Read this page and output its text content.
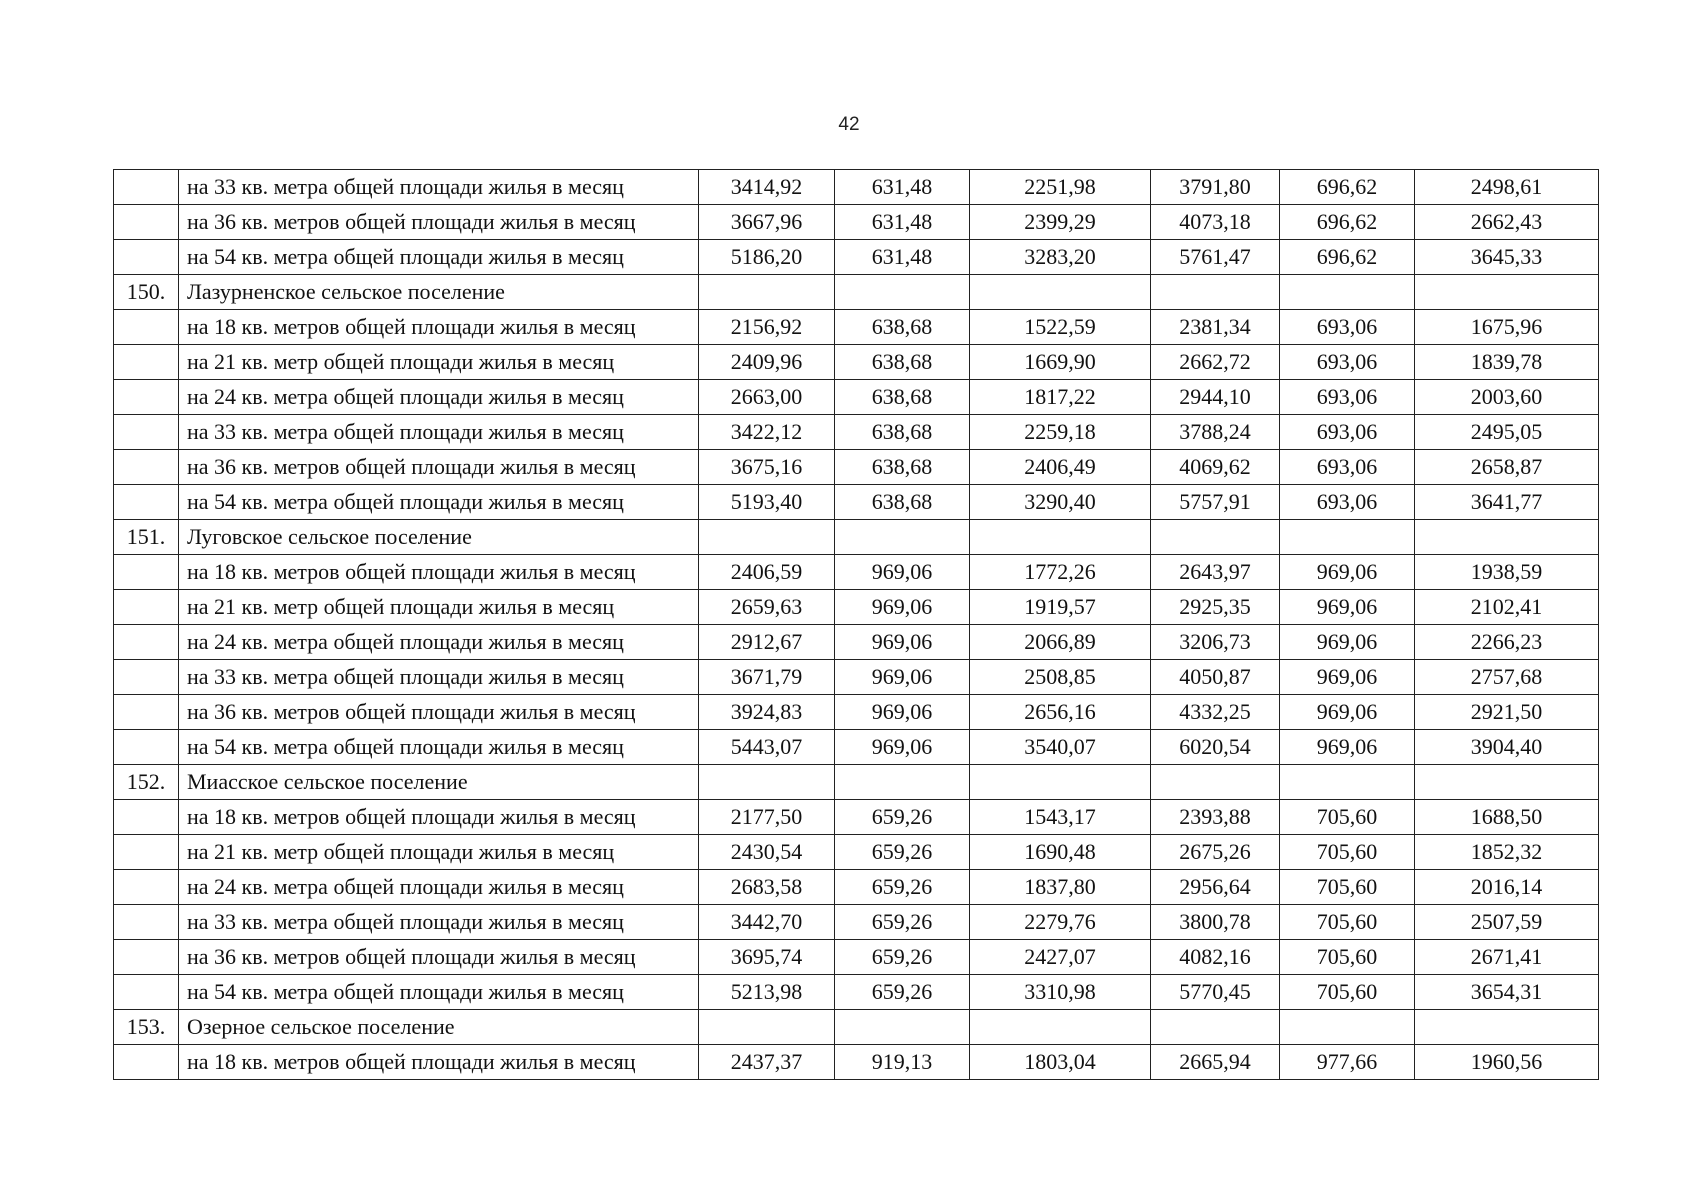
42
	на 33 кв. метра общей площади жилья в месяц	3414,92	631,48	2251,98	3791,80	696,62	2498,61
	на 36 кв. метров общей площади жилья в месяц	3667,96	631,48	2399,29	4073,18	696,62	2662,43
	на 54 кв. метра общей площади жилья в месяц	5186,20	631,48	3283,20	5761,47	696,62	3645,33
150.	Лазурненское сельское поселение						
	на 18 кв. метров общей площади жилья в месяц	2156,92	638,68	1522,59	2381,34	693,06	1675,96
	на 21 кв. метр общей площади жилья в месяц	2409,96	638,68	1669,90	2662,72	693,06	1839,78
	на 24 кв. метра общей площади жилья в месяц	2663,00	638,68	1817,22	2944,10	693,06	2003,60
	на 33 кв. метра общей площади жилья в месяц	3422,12	638,68	2259,18	3788,24	693,06	2495,05
	на 36 кв. метров общей площади жилья в месяц	3675,16	638,68	2406,49	4069,62	693,06	2658,87
	на 54 кв. метра общей площади жилья в месяц	5193,40	638,68	3290,40	5757,91	693,06	3641,77
151.	Луговское сельское поселение						
	на 18 кв. метров общей площади жилья в месяц	2406,59	969,06	1772,26	2643,97	969,06	1938,59
	на 21 кв. метр общей площади жилья в месяц	2659,63	969,06	1919,57	2925,35	969,06	2102,41
	на 24 кв. метра общей площади жилья в месяц	2912,67	969,06	2066,89	3206,73	969,06	2266,23
	на 33 кв. метра общей площади жилья в месяц	3671,79	969,06	2508,85	4050,87	969,06	2757,68
	на 36 кв. метров общей площади жилья в месяц	3924,83	969,06	2656,16	4332,25	969,06	2921,50
	на 54 кв. метра общей площади жилья в месяц	5443,07	969,06	3540,07	6020,54	969,06	3904,40
152.	Миасское сельское поселение						
	на 18 кв. метров общей площади жилья в месяц	2177,50	659,26	1543,17	2393,88	705,60	1688,50
	на 21 кв. метр общей площади жилья в месяц	2430,54	659,26	1690,48	2675,26	705,60	1852,32
	на 24 кв. метра общей площади жилья в месяц	2683,58	659,26	1837,80	2956,64	705,60	2016,14
	на 33 кв. метра общей площади жилья в месяц	3442,70	659,26	2279,76	3800,78	705,60	2507,59
	на 36 кв. метров общей площади жилья в месяц	3695,74	659,26	2427,07	4082,16	705,60	2671,41
	на 54 кв. метра общей площади жилья в месяц	5213,98	659,26	3310,98	5770,45	705,60	3654,31
153.	Озерное сельское поселение						
	на 18 кв. метров общей площади жилья в месяц	2437,37	919,13	1803,04	2665,94	977,66	1960,56
